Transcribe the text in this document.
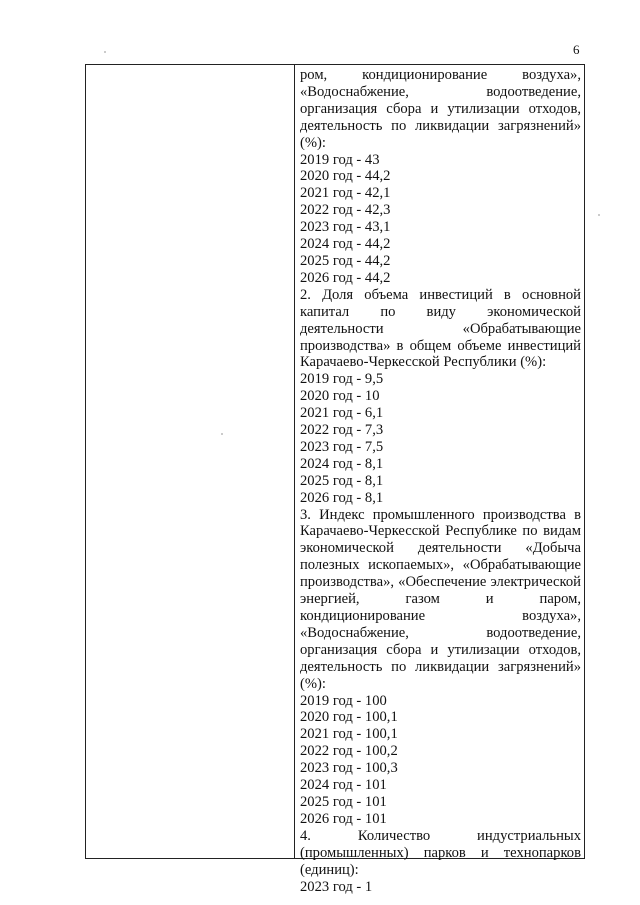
6

ром, кондиционирование воздуха», «Водоснабжение, водоотведение, организация сбора и утилизации отходов, деятельность по ликвидации загрязнений» (%):

2019 год - 43
2020 год - 44,2
2021 год - 42,1
2022 год - 42,3
2023 год - 43,1
2024 год - 44,2
2025 год - 44,2
2026 год - 44,2

2. Доля объема инвестиций в основной капитал по виду экономической деятельности «Обрабатывающие производства» в общем объеме инвестиций Карачаево-Черкесской Республики (%):

2019 год - 9,5
2020 год - 10
2021 год - 6,1
2022 год - 7,3
2023 год - 7,5
2024 год - 8,1
2025 год - 8,1
2026 год - 8,1

3. Индекс промышленного производства в Карачаево-Черкесской Республике по видам экономической деятельности «Добыча полезных ископаемых», «Обрабатывающие производства», «Обеспечение электрической энергией, газом и паром, кондиционирование воздуха», «Водоснабжение, водоотведение, организация сбора и утилизации отходов, деятельность по ликвидации загрязнений» (%):

2019 год - 100
2020 год - 100,1
2021 год - 100,1
2022 год - 100,2
2023 год - 100,3
2024 год - 101
2025 год - 101
2026 год - 101

4. Количество индустриальных (промышленных) парков и технопарков (единиц):

2023 год - 1
